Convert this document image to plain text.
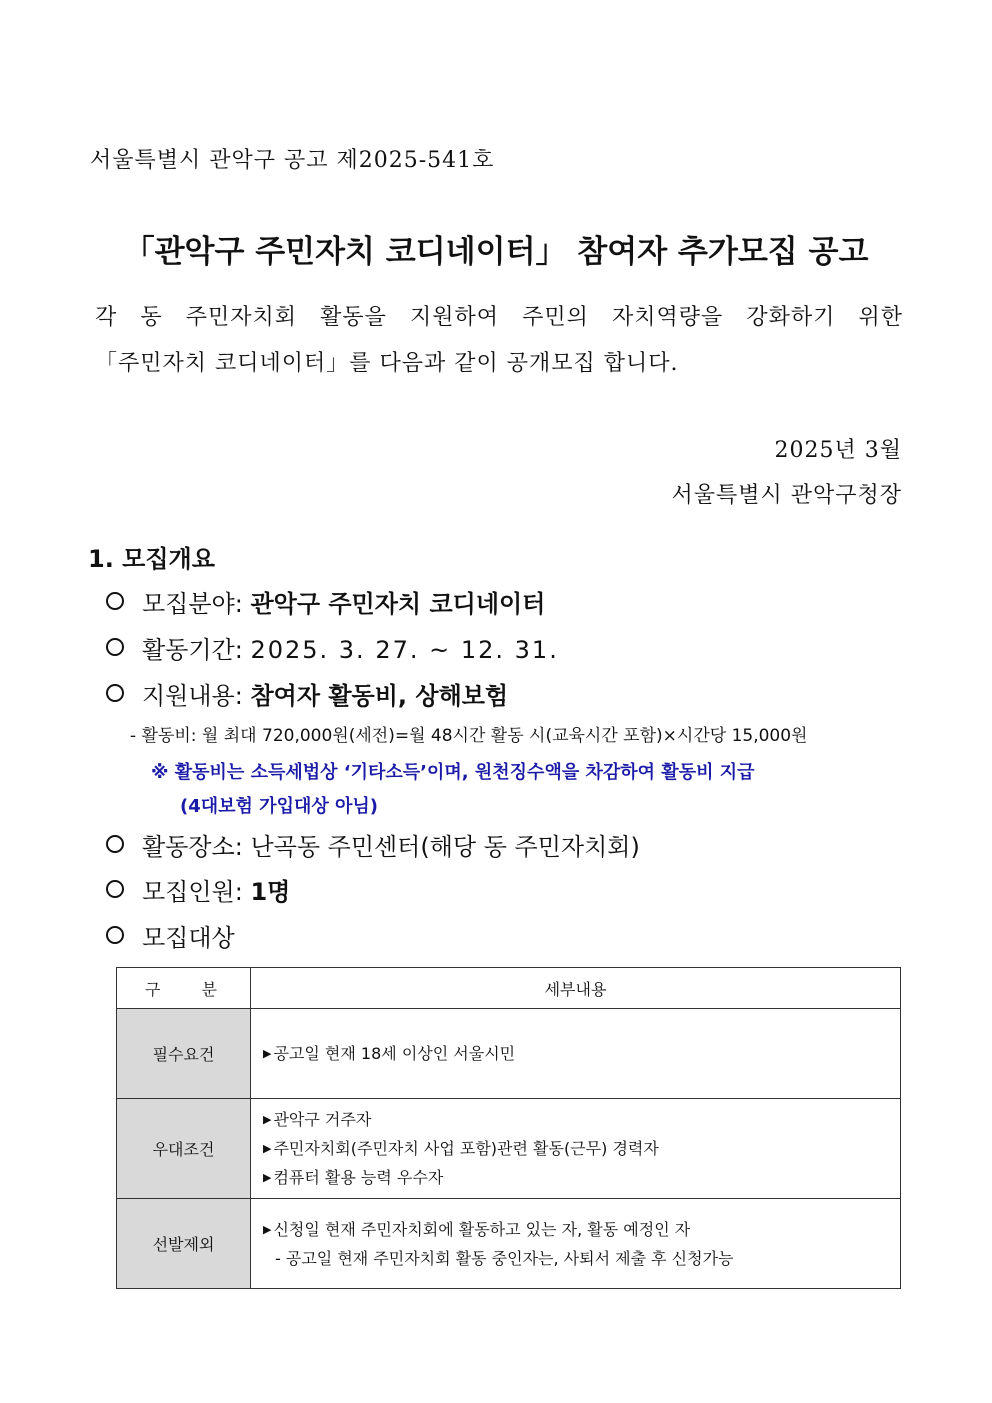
서울특별시 관악구 공고 제2025-541호
「관악구 주민자치 코디네이터」 참여자 추가모집 공고
각 동 주민자치회 활동을 지원하여 주민의 자치역량을 강화하기 위한
「주민자치 코디네이터」를 다음과 같이 공개모집 합니다.
2025년 3월
서울특별시 관악구청장
1. 모집개요
모집분야: 관악구 주민자치 코디네이터
활동기간: 2025. 3. 27. ~ 12. 31.
지원내용: 참여자 활동비, 상해보험
- 활동비: 월 최대 720,000원(세전)=월 48시간 활동 시(교육시간 포함)×시간당 15,000원
※ 활동비는 소득세법상 ‘기타소득’이며, 원천징수액을 차감하여 활동비 지급
(4대보험 가입대상 아님)
활동장소: 난곡동 주민센터(해당 동 주민자치회)
모집인원: 1명
모집대상
구 분	세부내용
필수요건	▶ 공고일 현재 18세 이상인 서울시민

우대조건	▶ 관악구 거주자
▶ 주민자치회(주민자치 사업 포함)관련 활동(근무) 경력자
▶ 컴퓨터 활용 능력 우수자

선발제외	▶ 신청일 현재 주민자치회에 활동하고 있는 자, 활동 예정인 자
- 공고일 현재 주민자치회 활동 중인자는, 사퇴서 제출 후 신청가능
